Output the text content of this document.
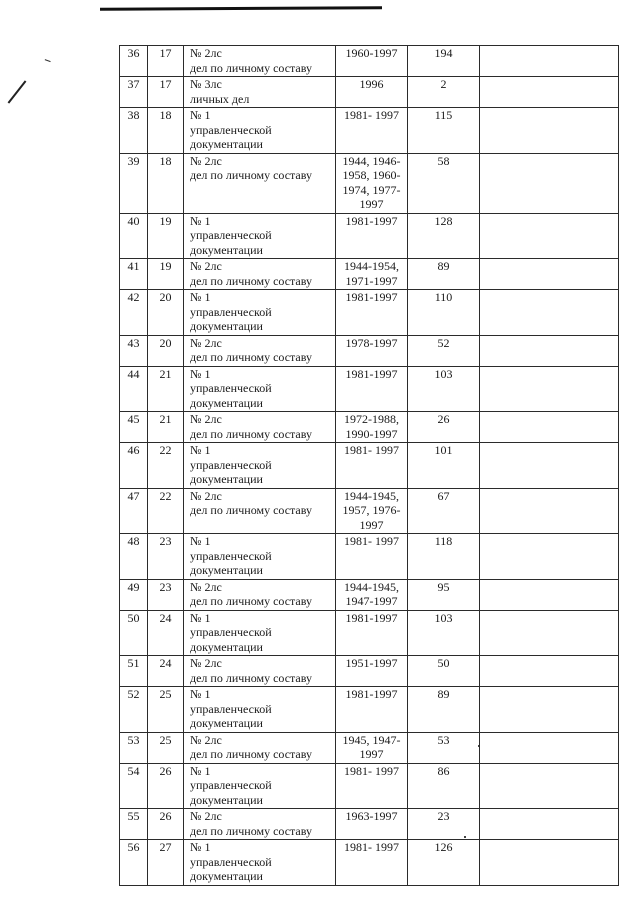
36	17	№ 2лс
дел по личному составу	1960-1997	194	
37	17	№ 3лс
личных дел	1996	2	
38	18	№ 1
управленческой
документации	1981- 1997	115	
39	18	№ 2лс
дел по личному составу	1944, 1946-
1958, 1960-
1974, 1977-
1997	58	
40	19	№ 1
управленческой
документации	1981-1997	128	
41	19	№ 2лс
дел по личному составу	1944-1954,
1971-1997	89	
42	20	№ 1
управленческой
документации	1981-1997	110	
43	20	№ 2лс
дел по личному составу	1978-1997	52	
44	21	№ 1
управленческой
документации	1981-1997	103	
45	21	№ 2лс
дел по личному составу	1972-1988,
1990-1997	26	
46	22	№ 1
управленческой
документации	1981- 1997	101	
47	22	№ 2лс
дел по личному составу	1944-1945,
1957, 1976-
1997	67	
48	23	№ 1
управленческой
документации	1981- 1997	118	
49	23	№ 2лс
дел по личному составу	1944-1945,
1947-1997	95	
50	24	№ 1
управленческой
документации	1981-1997	103	
51	24	№ 2лс
дел по личному составу	1951-1997	50	
52	25	№ 1
управленческой
документации	1981-1997	89	
53	25	№ 2лс
дел по личному составу	1945, 1947-
1997	53	
54	26	№ 1
управленческой
документации	1981- 1997	86	
55	26	№ 2лс
дел по личному составу	1963-1997	23	
56	27	№ 1
управленческой
документации	1981- 1997	126	
